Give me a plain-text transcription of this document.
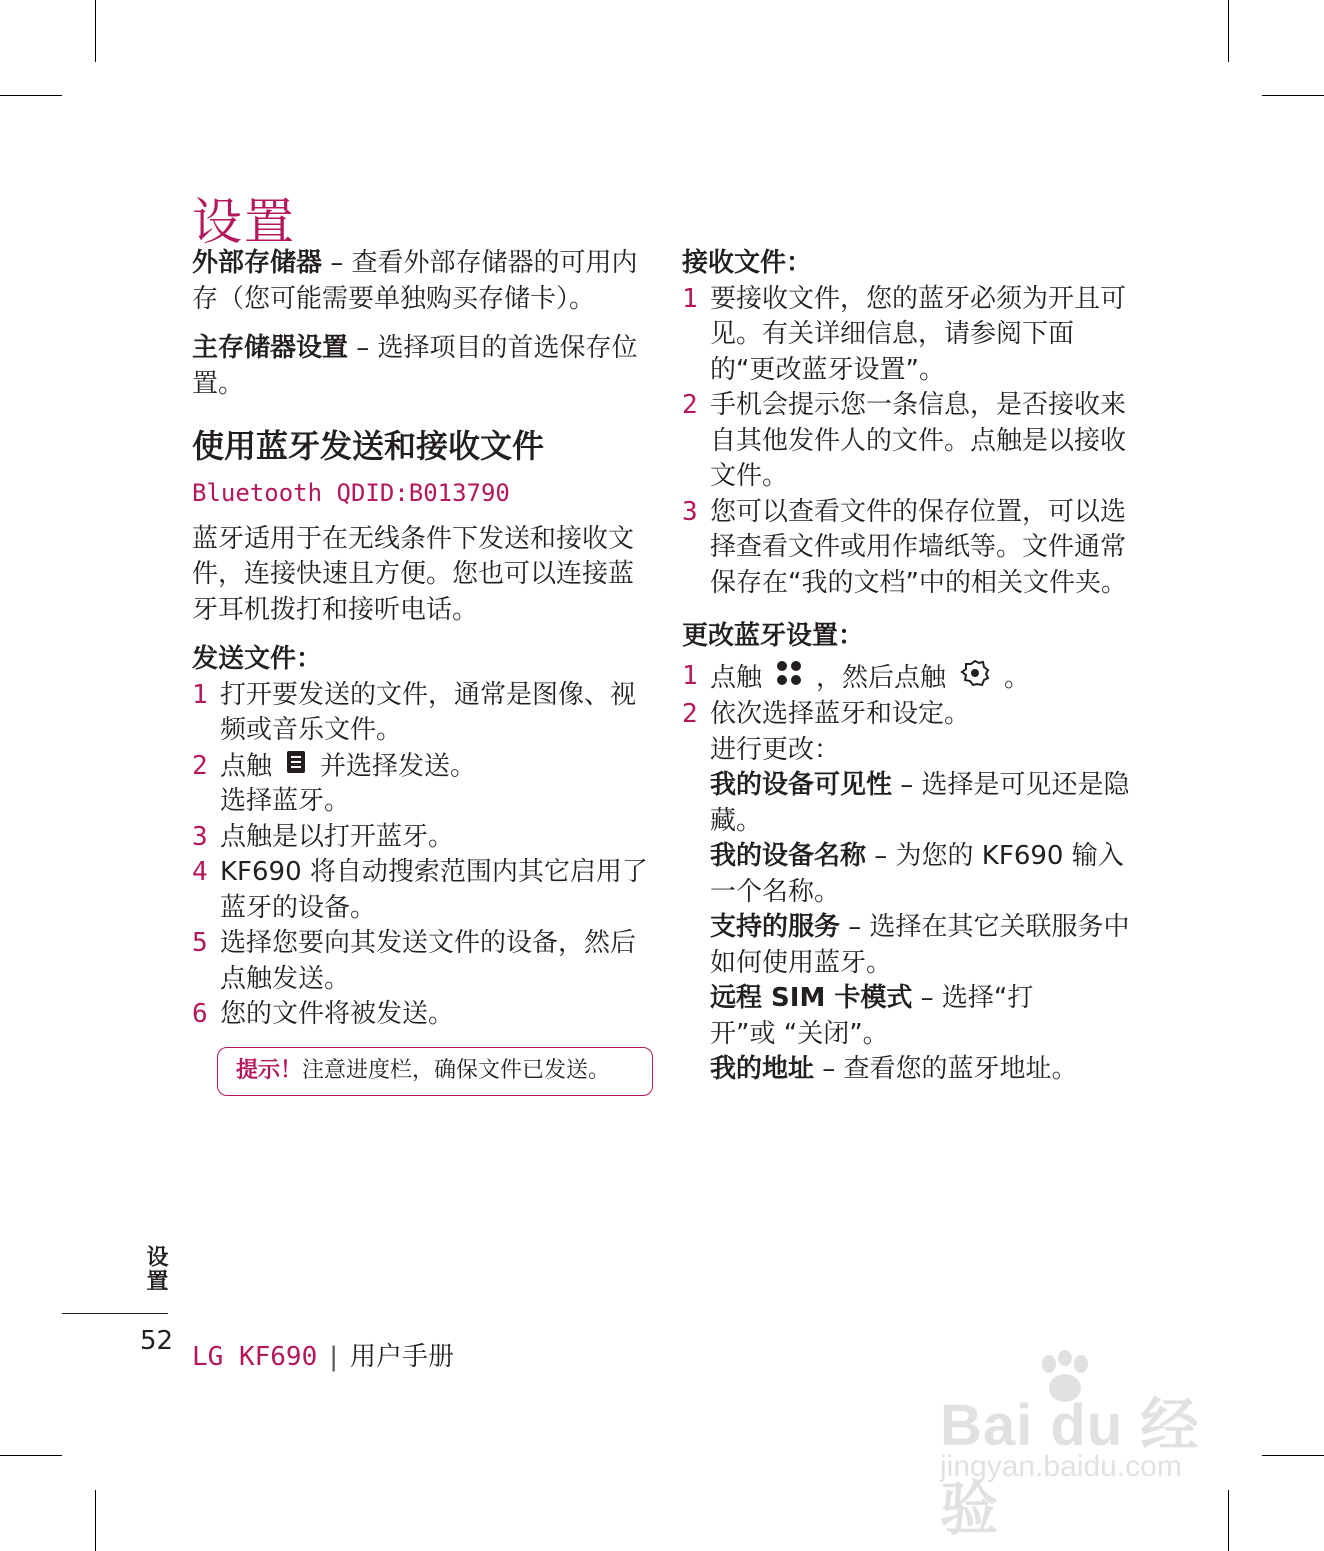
设置

外部存储器 – 查看外部存储器的可用内存（您可能需要单独购买存储卡）。

主存储器设置 – 选择项目的首选保存位置。

使用蓝牙发送和接收文件
Bluetooth QDID:B013790

蓝牙适用于在无线条件下发送和接收文件，连接快速且方便。您也可以连接蓝牙耳机拨打和接听电话。

发送文件：

1 打开要发送的文件，通常是图像、视频或音乐文件。
2 点触 并选择发送。
选择蓝牙。
3 点触是以打开蓝牙。
4 KF690 将自动搜索范围内其它启用了蓝牙的设备。
5 选择您要向其发送文件的设备，然后点触发送。
6 您的文件将被发送。
提示！注意进度栏，确保文件已发送。

接收文件：

1 要接收文件，您的蓝牙必须为开且可见。有关详细信息，请参阅下面的“更改蓝牙设置”。
2 手机会提示您一条信息，是否接收来自其他发件人的文件。点触是以接收文件。
3 您可以查看文件的保存位置，可以选择查看文件或用作墙纸等。文件通常保存在“我的文档”中的相关文件夹。

更改蓝牙设置：

1 点触 ，然后点触 。
2 依次选择蓝牙和设定。
进行更改：

我的设备可见性 – 选择是可见还是隐藏。

我的设备名称 – 为您的 KF690 输入一个名称。

支持的服务 – 选择在其它关联服务中如何使用蓝牙。

远程 SIM 卡模式 – 选择“打开”或 “关闭”。

我的地址 – 查看您的蓝牙地址。

设置
52
LG KF690 | 用户手册
Bai du 经验
jingyan.baidu.com
